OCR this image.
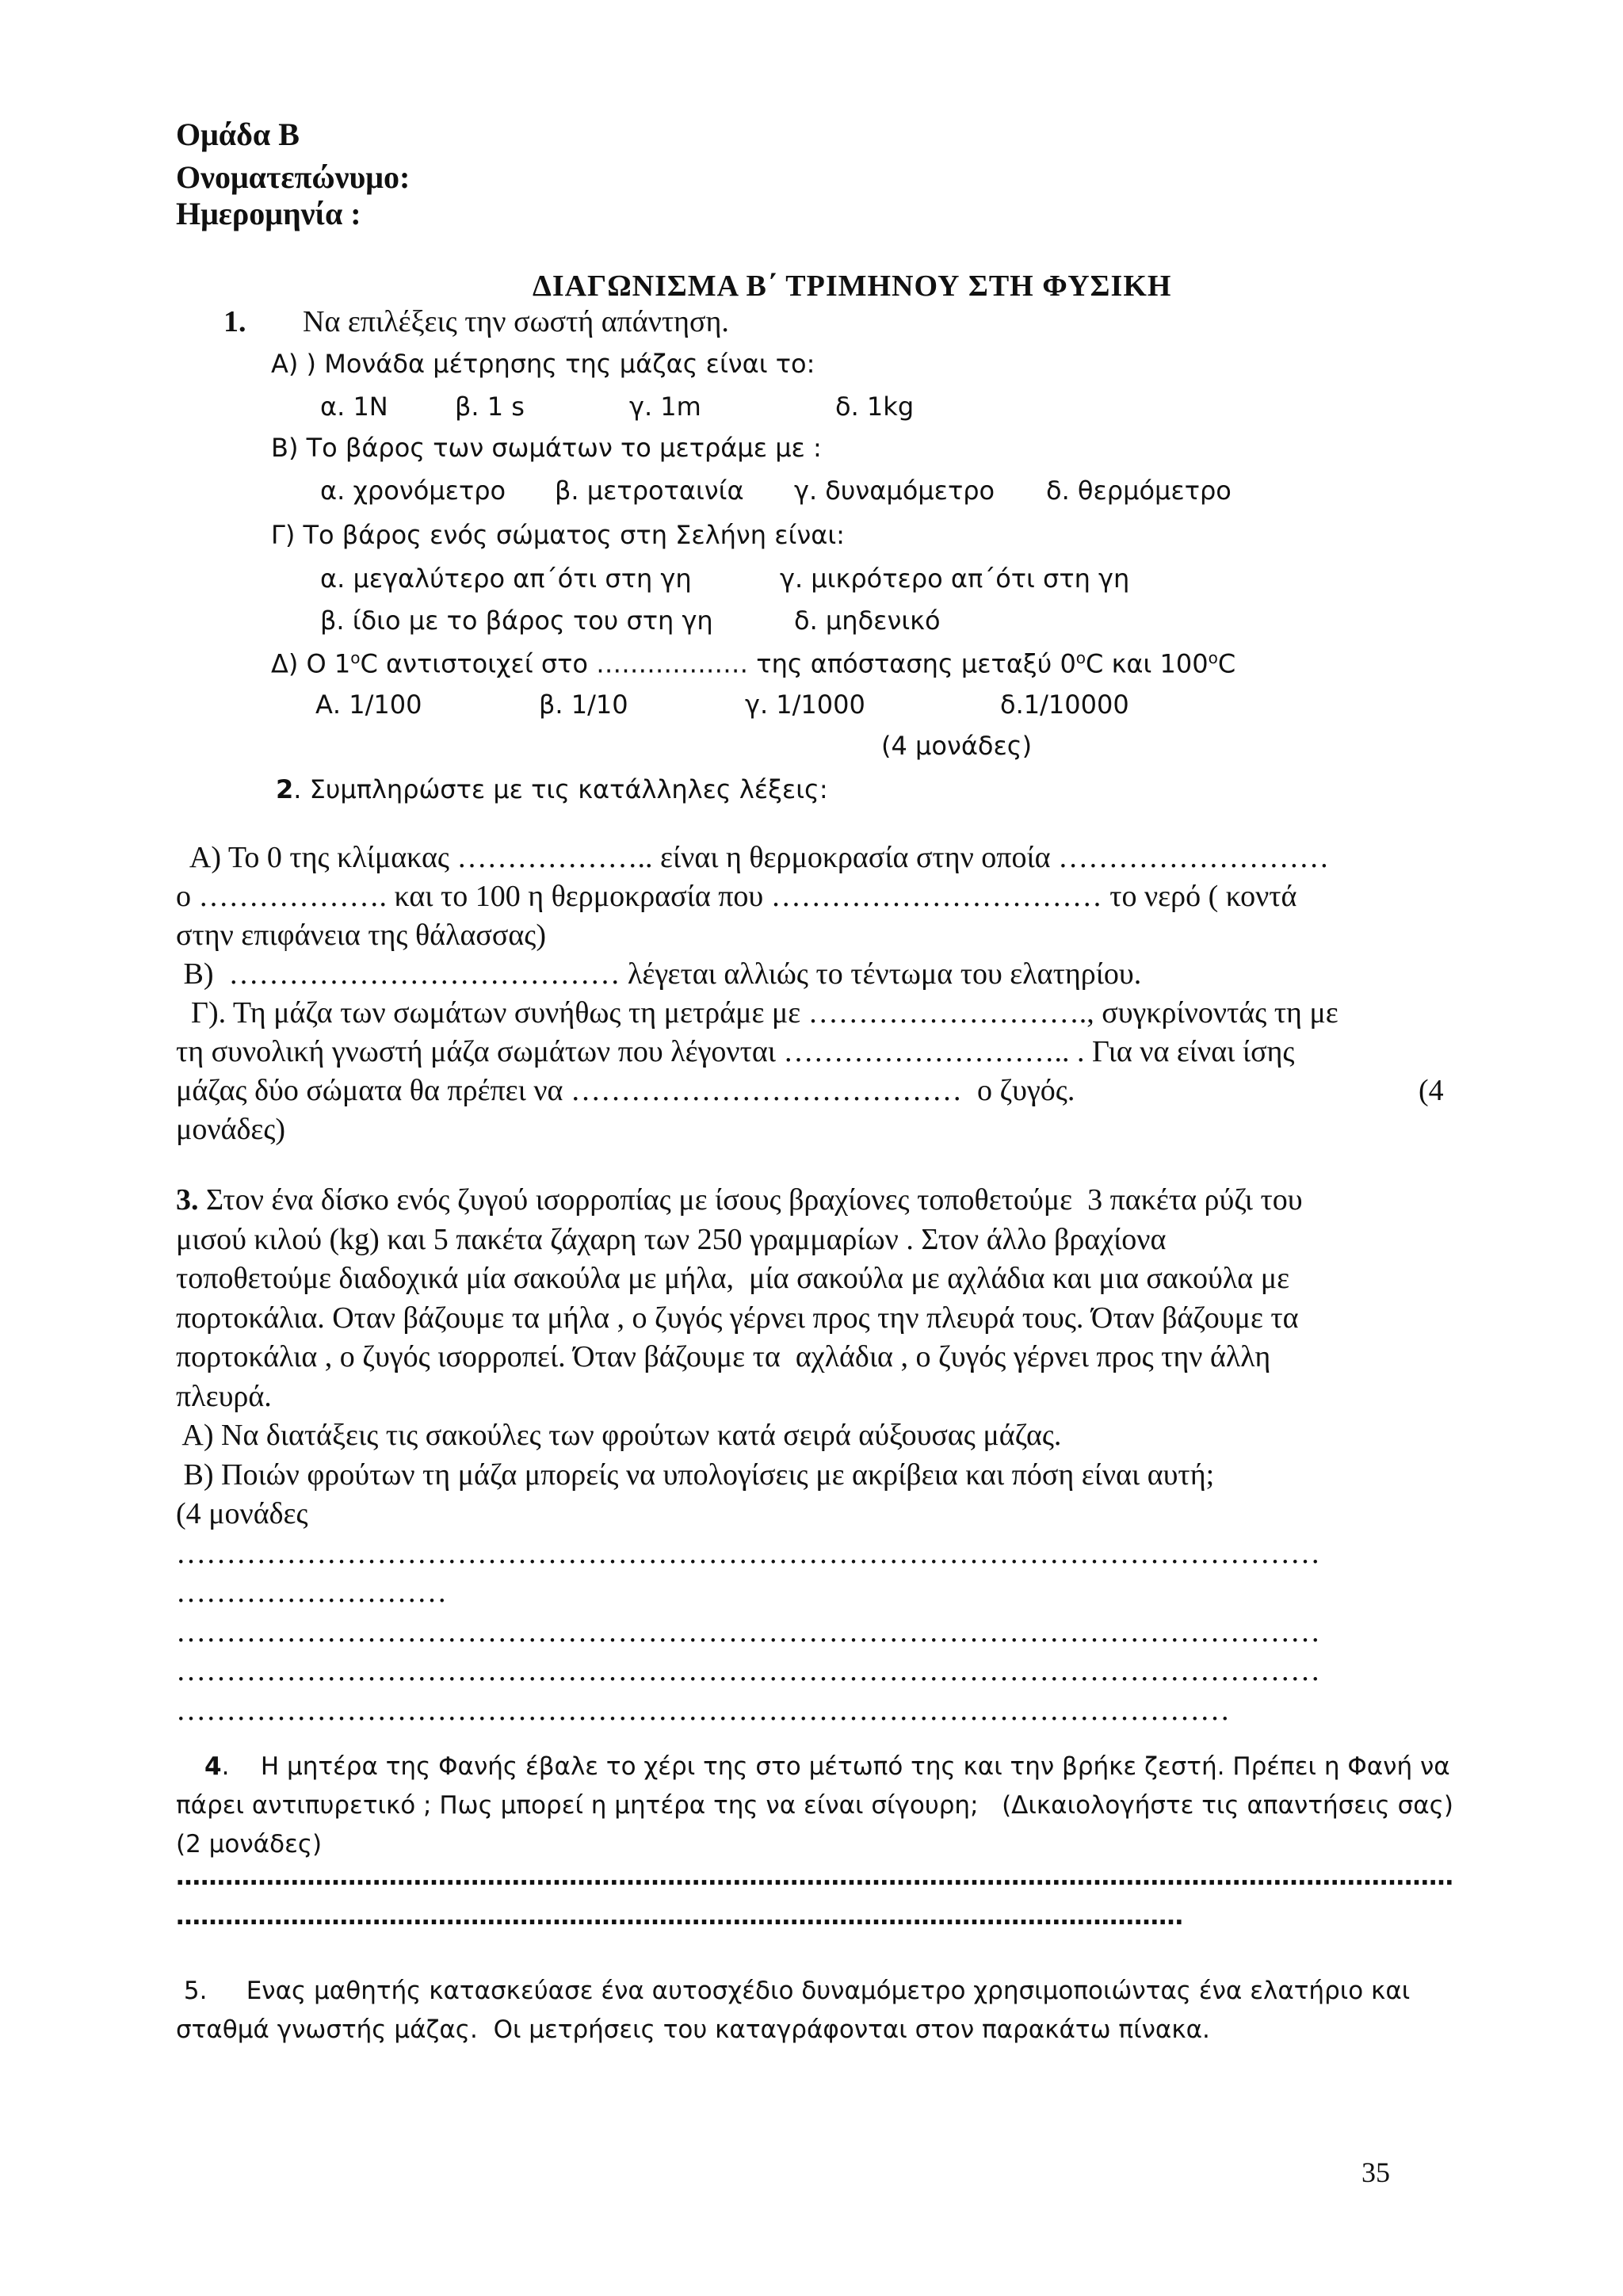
Ομάδα Β
Ονοματεπώνυμο:
Ημερομηνία :
ΔΙΑΓΩΝΙΣΜΑ Β΄ ΤΡΙΜΗΝΟΥ ΣΤΗ ΦΥΣΙΚΗ
1. Να επιλέξεις την σωστή απάντηση.
Α) ) Μονάδα μέτρησης της μάζας είναι το:
α. 1N	β. 1 s	γ. 1m	δ. 1kg
Β) Το βάρος των σωμάτων το μετράμε με :
α. χρονόμετρο β. μετροταινία γ. δυναμόμετρο δ. θερμόμετρο
Γ) Το βάρος ενός σώματος στη Σελήνη είναι:
α. μεγαλύτερο απ΄ότι στη γη	γ. μικρότερο απ΄ότι στη γη
β. ίδιο με το βάρος του στη γη	δ. μηδενικό
Δ) Ο 1$^o$C αντιστοιχεί στο ……………… της απόστασης μεταξύ 0$^o$C και 100$^o$C
Α. 1/100	β. 1/10	γ. 1/1000	δ.1/10000
(4 μονάδες)
2. Συμπληρώστε με τις κατάλληλες λέξεις:
Α) Το 0 της κλίμακας ……………….. είναι η θερμοκρασία στην οποία ………………………
ο ………………. και το 100 η θερμοκρασία που …………………………… το νερό ( κοντά
στην επιφάνεια της θάλασσας)
Β)  ………………………………… λέγεται αλλιώς το τέντωμα του ελατηρίου.
Γ). Τη μάζα των σωμάτων συνήθως τη μετράμε με ………………………., συγκρίνοντάς τη με
τη συνολική γνωστή μάζα σωμάτων που λέγονται ……………………….. . Για να είναι ίσης
μάζας δύο σώματα θα πρέπει να …………………………………  ο ζυγός.	(4
μονάδες)
3. Στον ένα δίσκο ενός ζυγού ισορροπίας με ίσους βραχίονες τοποθετούμε  3 πακέτα ρύζι του
μισού κιλού (kg) και 5 πακέτα ζάχαρη των 250 γραμμαρίων . Στον άλλο βραχίονα
τοποθετούμε διαδοχικά μία σακούλα με μήλα,  μία σακούλα με αχλάδια και μια σακούλα με
πορτοκάλια. Οταν βάζουμε τα μήλα , ο ζυγός γέρνει προς την πλευρά τους. Όταν βάζουμε τα
πορτοκάλια , ο ζυγός ισορροπεί. Όταν βάζουμε τα  αχλάδια , ο ζυγός γέρνει προς την άλλη
πλευρά.
Α) Να διατάξεις τις σακούλες των φρούτων κατά σειρά αύξουσας μάζας.
Β) Ποιών φρούτων τη μάζα μπορείς να υπολογίσεις με ακρίβεια και πόση είναι αυτή;
(4 μονάδες
……………………………………………………………………………………………………
………………………
……………………………………………………………………………………………………
……………………………………………………………………………………………………
……………………………………………………………………………………………
4.    Η μητέρα της Φανής έβαλε το χέρι της στο μέτωπό της και την βρήκε ζεστή. Πρέπει η Φανή να
πάρει αντιπυρετικό ; Πως μπορεί η μητέρα της να είναι σίγουρη;   (Δικαιολογήστε τις απαντήσεις σας)
(2 μονάδες)
…………………………………………………………………………………………………………………………………………
……………………………………………………………………………………………………………
5.     Ενας μαθητής κατασκεύασε ένα αυτοσχέδιο δυναμόμετρο χρησιμοποιώντας ένα ελατήριο και
σταθμά γνωστής μάζας.  Οι μετρήσεις του καταγράφονται στον παρακάτω πίνακα.
35
